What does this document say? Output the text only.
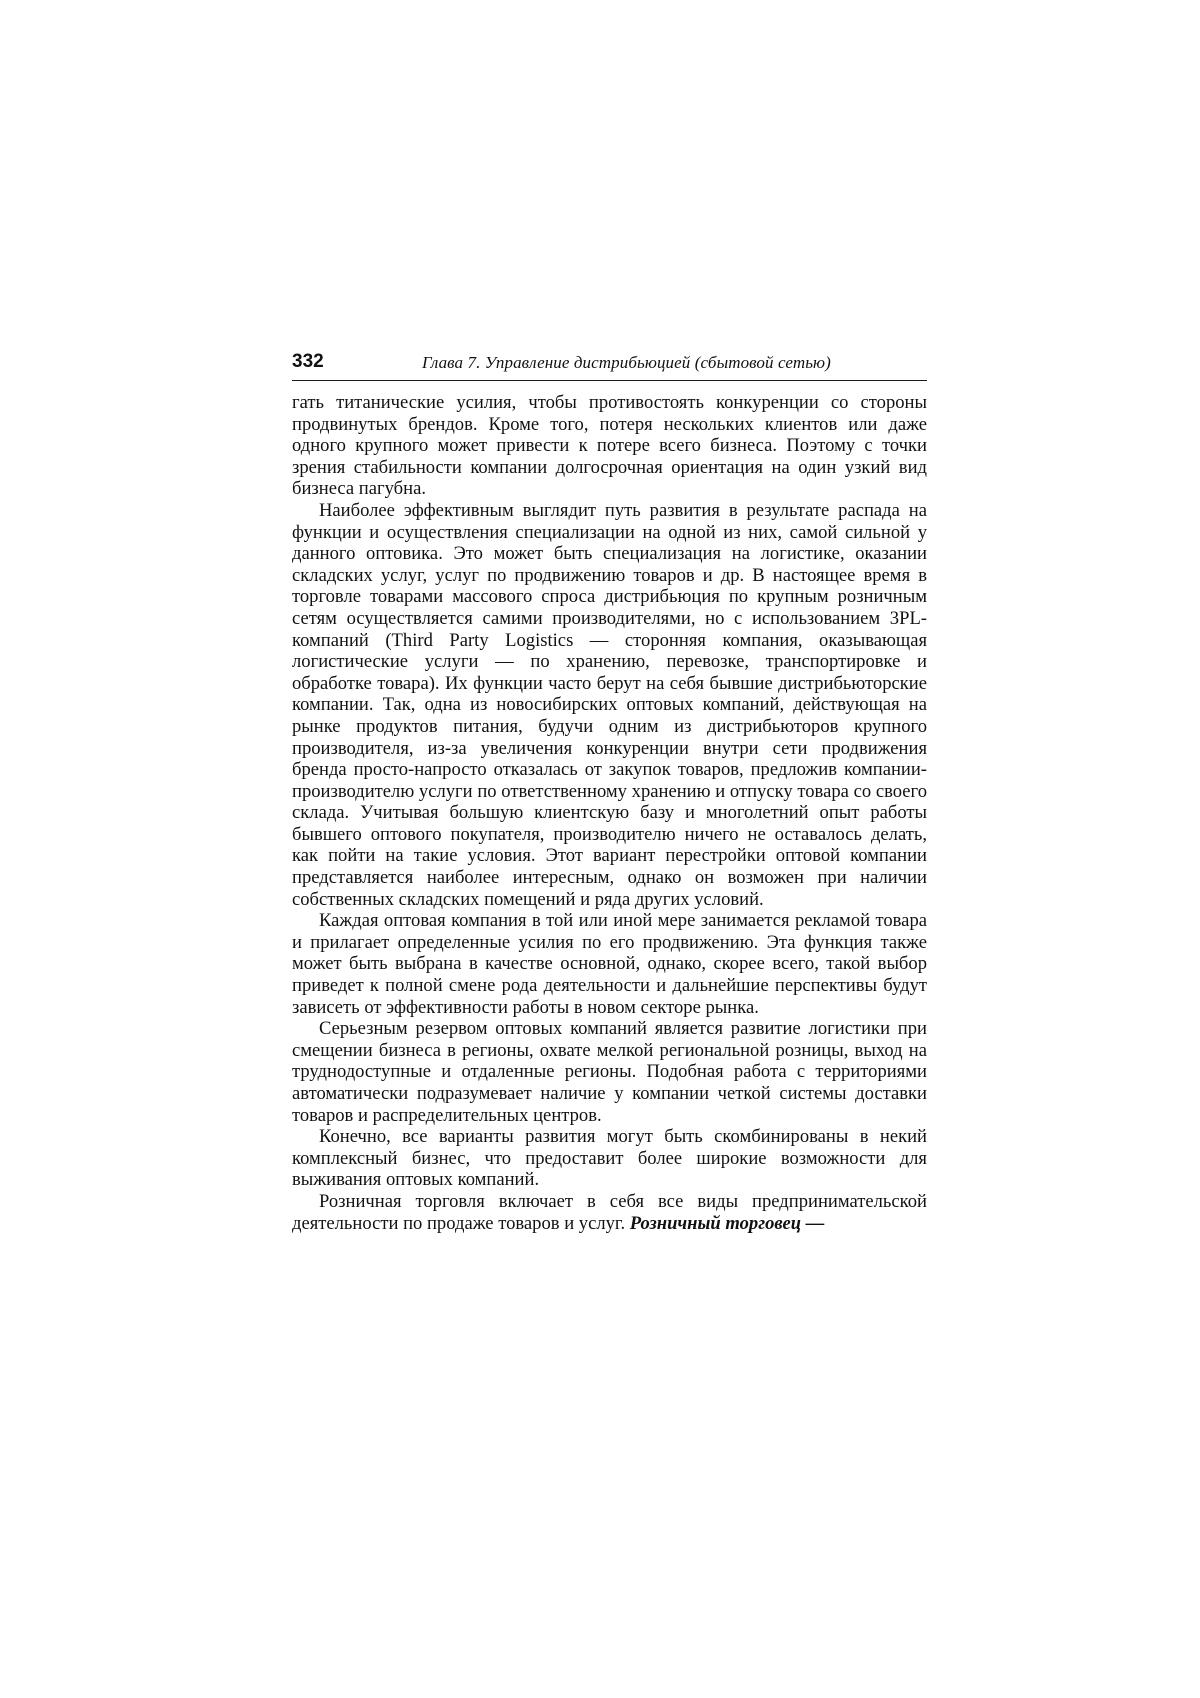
332	Глава 7. Управление дистрибьюцией (сбытовой сетью)

гать титанические усилия, чтобы противостоять конкуренции со стороны продвинутых брендов. Кроме того, потеря нескольких клиентов или даже одного крупного может привести к потере всего бизнеса. Поэтому с точки зрения стабильности компании долгосрочная ориентация на один узкий вид бизнеса пагубна.

Наиболее эффективным выглядит путь развития в результате распада на функции и осуществления специализации на одной из них, самой сильной у данного оптовика. Это может быть специализация на логистике, оказании складских услуг, услуг по продвижению товаров и др. В настоящее время в торговле товарами массового спроса дистрибьюция по крупным розничным сетям осуществляется самими производителями, но с использованием 3PL-компаний (Third Party Logistics — сторонняя компания, оказывающая логистические услуги — по хранению, перевозке, транспортировке и обработке товара). Их функции часто берут на себя бывшие дистрибьюторские компании. Так, одна из новосибирских оптовых компаний, действующая на рынке продуктов питания, будучи одним из дистрибьюторов крупного производителя, из-за увеличения конкуренции внутри сети продвижения бренда просто-напросто отказалась от закупок товаров, предложив компании-производителю услуги по ответственному хранению и отпуску товара со своего склада. Учитывая большую клиентскую базу и многолетний опыт работы бывшего оптового покупателя, производителю ничего не оставалось делать, как пойти на такие условия. Этот вариант перестройки оптовой компании представляется наиболее интересным, однако он возможен при наличии собственных складских помещений и ряда других условий.

Каждая оптовая компания в той или иной мере занимается рекламой товара и прилагает определенные усилия по его продвижению. Эта функция также может быть выбрана в качестве основной, однако, скорее всего, такой выбор приведет к полной смене рода деятельности и дальнейшие перспективы будут зависеть от эффективности работы в новом секторе рынка.

Серьезным резервом оптовых компаний является развитие логистики при смещении бизнеса в регионы, охвате мелкой региональной розницы, выход на труднодоступные и отдаленные регионы. Подобная работа с территориями автоматически подразумевает наличие у компании четкой системы доставки товаров и распределительных центров.

Конечно, все варианты развития могут быть скомбинированы в некий комплексный бизнес, что предоставит более широкие возможности для выживания оптовых компаний.

Розничная торговля включает в себя все виды предпринимательской деятельности по продаже товаров и услуг. Розничный торговец —
